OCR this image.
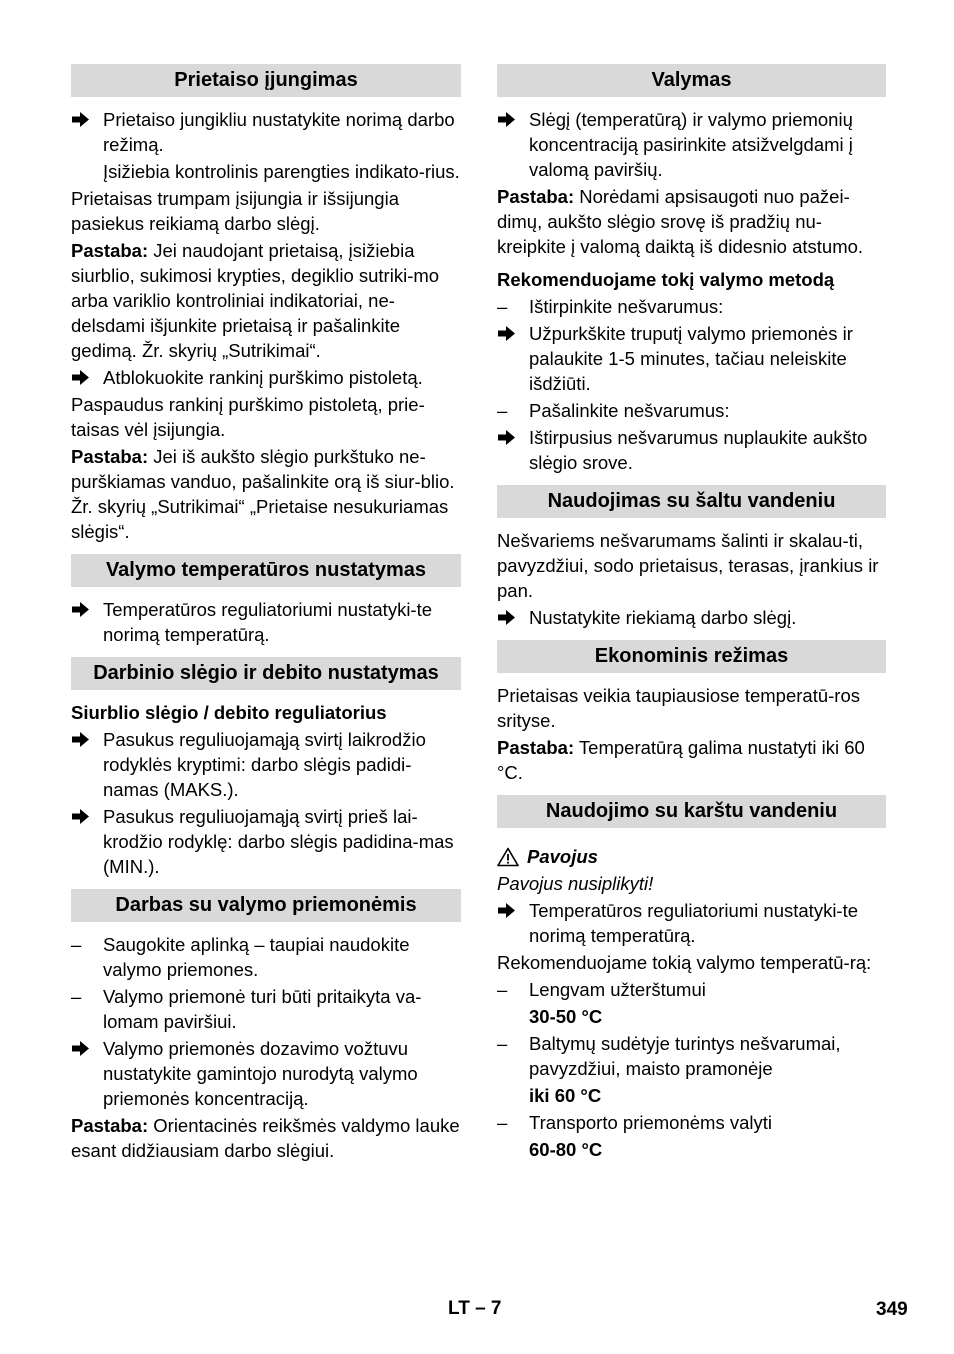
Prietaiso įjungimas
Prietaiso jungikliu nustatykite norimą darbo režimą.

Įsižiebia kontrolinis parengties indikato-rius.

Prietaisas trumpam įsijungia ir išsijungia pasiekus reikiamą darbo slėgį.

Pastaba: Jei naudojant prietaisą, įsižiebia siurblio, sukimosi krypties, degiklio sutriki-mo arba variklio kontroliniai indikatoriai, ne-delsdami išjunkite prietaisą ir pašalinkite gedimą. Žr. skyrių „Sutrikimai“.

Atblokuokite rankinį purškimo pistoletą.

Paspaudus rankinį purškimo pistoletą, prie-taisas vėl įsijungia.

Pastaba: Jei iš aukšto slėgio purkštuko ne-purškiamas vanduo, pašalinkite orą iš siur-blio. Žr. skyrių „Sutrikimai“ „Prietaise nesukuriamas slėgis“.

Valymo temperatūros nustatymas
Temperatūros reguliatoriumi nustatyki-te norimą temperatūrą.
Darbinio slėgio ir debito nustatymas

Siurblio slėgio / debito reguliatorius

Pasukus reguliuojamąją svirtį laikrodžio rodyklės kryptimi: darbo slėgis padidi-namas (MAKS.).
Pasukus reguliuojamąją svirtį prieš lai-krodžio rodyklę: darbo slėgis padidina-mas (MIN.).
Darbas su valymo priemonėmis
–	Saugokite aplinką – taupiai naudokite valymo priemones.
–	Valymo priemonė turi būti pritaikyta va-lomam paviršiui.
Valymo priemonės dozavimo vožtuvu nustatykite gamintojo nurodytą valymo priemonės koncentraciją.

Pastaba: Orientacinės reikšmės valdymo lauke esant didžiausiam darbo slėgiui.

Valymas
Slėgį (temperatūrą) ir valymo priemonių koncentraciją pasirinkite atsižvelgdami į valomą paviršių.

Pastaba: Norėdami apsisaugoti nuo pažei-dimų, aukšto slėgio srovę iš pradžių nu-kreipkite į valomą daiktą iš didesnio atstumo.

Rekomenduojame tokį valymo metodą

–	Ištirpinkite nešvarumus:
Užpurkškite truputį valymo priemonės ir palaukite 1-5 minutes, tačiau neleiskite išdžiūti.
–	Pašalinkite nešvarumus:
Ištirpusius nešvarumus nuplaukite aukšto slėgio srove.
Naudojimas su šaltu vandeniu

Nešvariems nešvarumams šalinti ir skalau-ti, pavyzdžiui, sodo prietaisus, terasas, įrankius ir pan.

Nustatykite riekiamą darbo slėgį.
Ekonominis režimas

Prietaisas veikia taupiausiose temperatū-ros srityse.

Pastaba: Temperatūrą galima nustatyti iki 60 °C.

Naudojimo su karštu vandeniu
Pavojus

Pavojus nusiplikyti!

Temperatūros reguliatoriumi nustatyki-te norimą temperatūrą.

Rekomenduojame tokią valymo temperatū-rą:

–	Lengvam užterštumui

30-50 °C

–	Baltymų sudėtyje turintys nešvarumai, pavyzdžiui, maisto pramonėje

iki 60 °C

–	Transporto priemonėms valyti

60-80 °C

LT – 7	349
